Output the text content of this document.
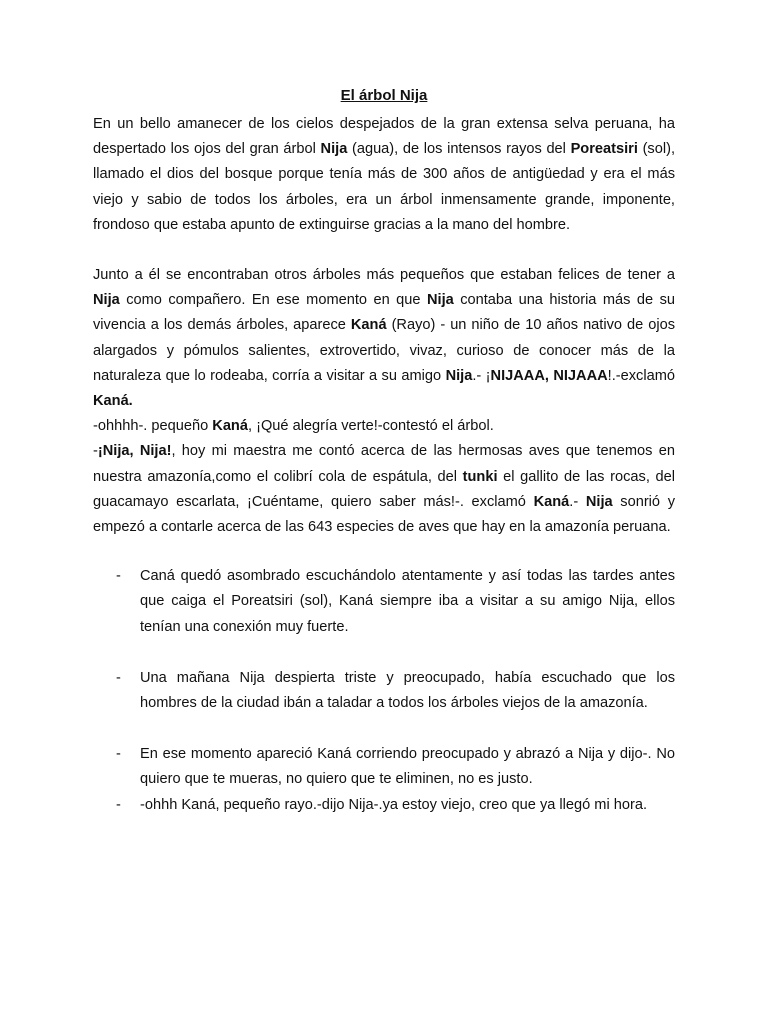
El árbol Nija

En un bello amanecer de los cielos despejados de la gran extensa selva peruana, ha despertado los ojos del gran árbol Nija (agua), de los intensos rayos del Poreatsiri (sol), llamado el dios del bosque porque tenía más de 300 años de antigüedad y era el más viejo y sabio de todos los árboles, era un árbol inmensamente grande, imponente, frondoso que estaba apunto de extinguirse gracias a la mano del hombre.

Junto a él se encontraban otros árboles más pequeños que estaban felices de tener a Nija como compañero. En ese momento en que Nija contaba una historia más de su vivencia a los demás árboles, aparece Kaná (Rayo) - un niño de 10 años nativo de ojos alargados y pómulos salientes, extrovertido, vivaz, curioso de conocer más de la naturaleza que lo rodeaba, corría a visitar a su amigo Nija.- ¡NIJAAA, NIJAAA!.-exclamó Kaná.

-ohhhh-. pequeño Kaná, ¡Qué alegría verte!-contestó el árbol.

-¡Nija, Nija!, hoy mi maestra me contó acerca de las hermosas aves que tenemos en nuestra amazonía,como el colibrí cola de espátula, del tunki el gallito de las rocas, del guacamayo escarlata, ¡Cuéntame, quiero saber más!-. exclamó Kaná.- Nija sonrió y empezó a contarle acerca de las 643 especies de aves que hay en la amazonía peruana.

- Caná quedó asombrado escuchándolo atentamente y así todas las tardes antes que caiga el Poreatsiri (sol), Kaná siempre iba a visitar a su amigo Nija, ellos tenían una conexión muy fuerte.
- Una mañana Nija despierta triste y preocupado, había escuchado que los hombres de la ciudad ibán a taladar a todos los árboles viejos de la amazonía.
- En ese momento apareció Kaná corriendo preocupado y abrazó a Nija y dijo-. No quiero que te mueras, no quiero que te eliminen, no es justo.
- -ohhh Kaná, pequeño rayo.-dijo Nija-.ya estoy viejo, creo que ya llegó mi hora.
